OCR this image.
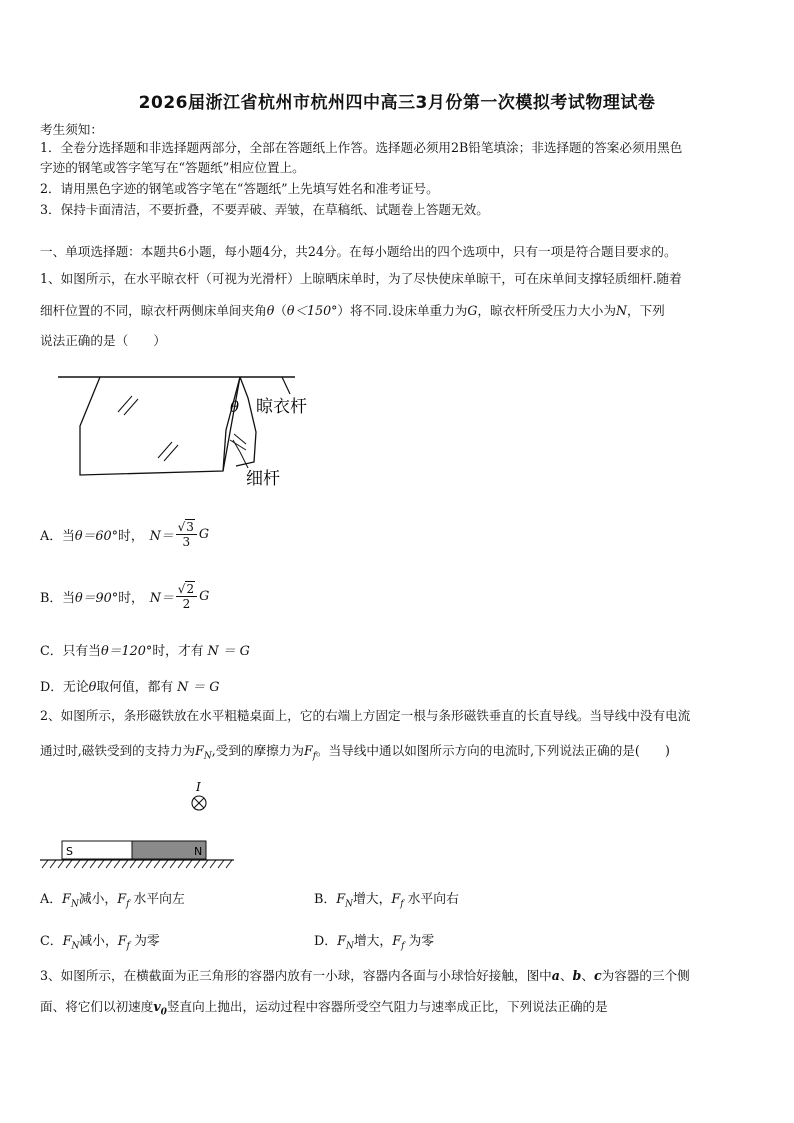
2026届浙江省杭州市杭州四中高三3月份第一次模拟考试物理试卷
考生须知：
1．全卷分选择题和非选择题两部分，全部在答题纸上作答。选择题必须用2B铅笔填涂；非选择题的答案必须用黑色
字迹的钢笔或答字笔写在“答题纸”相应位置上。
2．请用黑色字迹的钢笔或答字笔在“答题纸”上先填写姓名和准考证号。
3．保持卡面清洁，不要折叠，不要弄破、弄皱，在草稿纸、试题卷上答题无效。
一、单项选择题：本题共6小题，每小题4分，共24分。在每小题给出的四个选项中，只有一项是符合题目要求的。
1、如图所示，在水平晾衣杆（可视为光滑杆）上晾晒床单时，为了尽快使床单晾干，可在床单间支撑轻质细杆.随着
细杆位置的不同，晾衣杆两侧床单间夹角θ（θ＜150°）将不同.设床单重力为G，晾衣杆所受压力大小为N，下列
说法正确的是（　　）
θ 晾衣杆
细杆
A．当 θ＝60° 时， $N= \frac{√3}{3}$ G
B．当 θ＝90° 时， $N= \frac{√2}{2}$ G
C．只有当θ＝120°时，才有 N ＝ G
D．无论θ取何值，都有 N ＝ G
2、如图所示，条形磁铁放在水平粗糙桌面上，它的右端上方固定一根与条形磁铁垂直的长直导线。当导线中没有电流
通过时,磁铁受到的支持力为$F_N$,受到的摩擦力为$F_f$。当导线中通以如图所示方向的电流时,下列说法正确的是(　　)
I
S	N
A．$F_N$减小，$F_f$ 水平向左	B．$F_N$增大，$F_f$ 水平向右
C．$F_N$减小，$F_f$ 为零	D．$F_N$增大，$F_f$ 为零
3、如图所示，在横截面为正三角形的容器内放有一小球，容器内各面与小球恰好接触，图中a、b、c为容器的三个侧
面、将它们以初速度$v_0$竖直向上抛出，运动过程中容器所受空气阻力与速率成正比，下列说法正确的是
